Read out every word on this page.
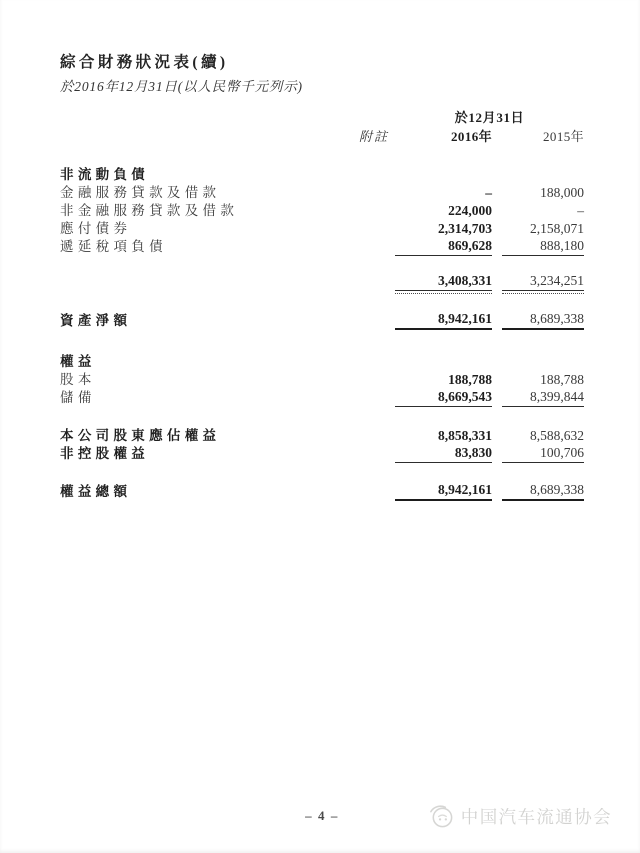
綜合財務狀況表(續)
於2016年12月31日(以人民幣千元列示)
於12月31日
附註	2016年	2015年
非流動負債
金融服務貸款及借款	–	188,000
非金融服務貸款及借款	224,000	–
應付債券	2,314,703	2,158,071
遞延稅項負債	869,628	888,180
3,408,331	3,234,251
資產淨額	8,942,161	8,689,338
權益
股本	188,788	188,788
儲備	8,669,543	8,399,844
本公司股東應佔權益	8,858,331	8,588,632
非控股權益	83,830	100,706
權益總額	8,942,161	8,689,338
– 4 –	中国汽车流通协会
